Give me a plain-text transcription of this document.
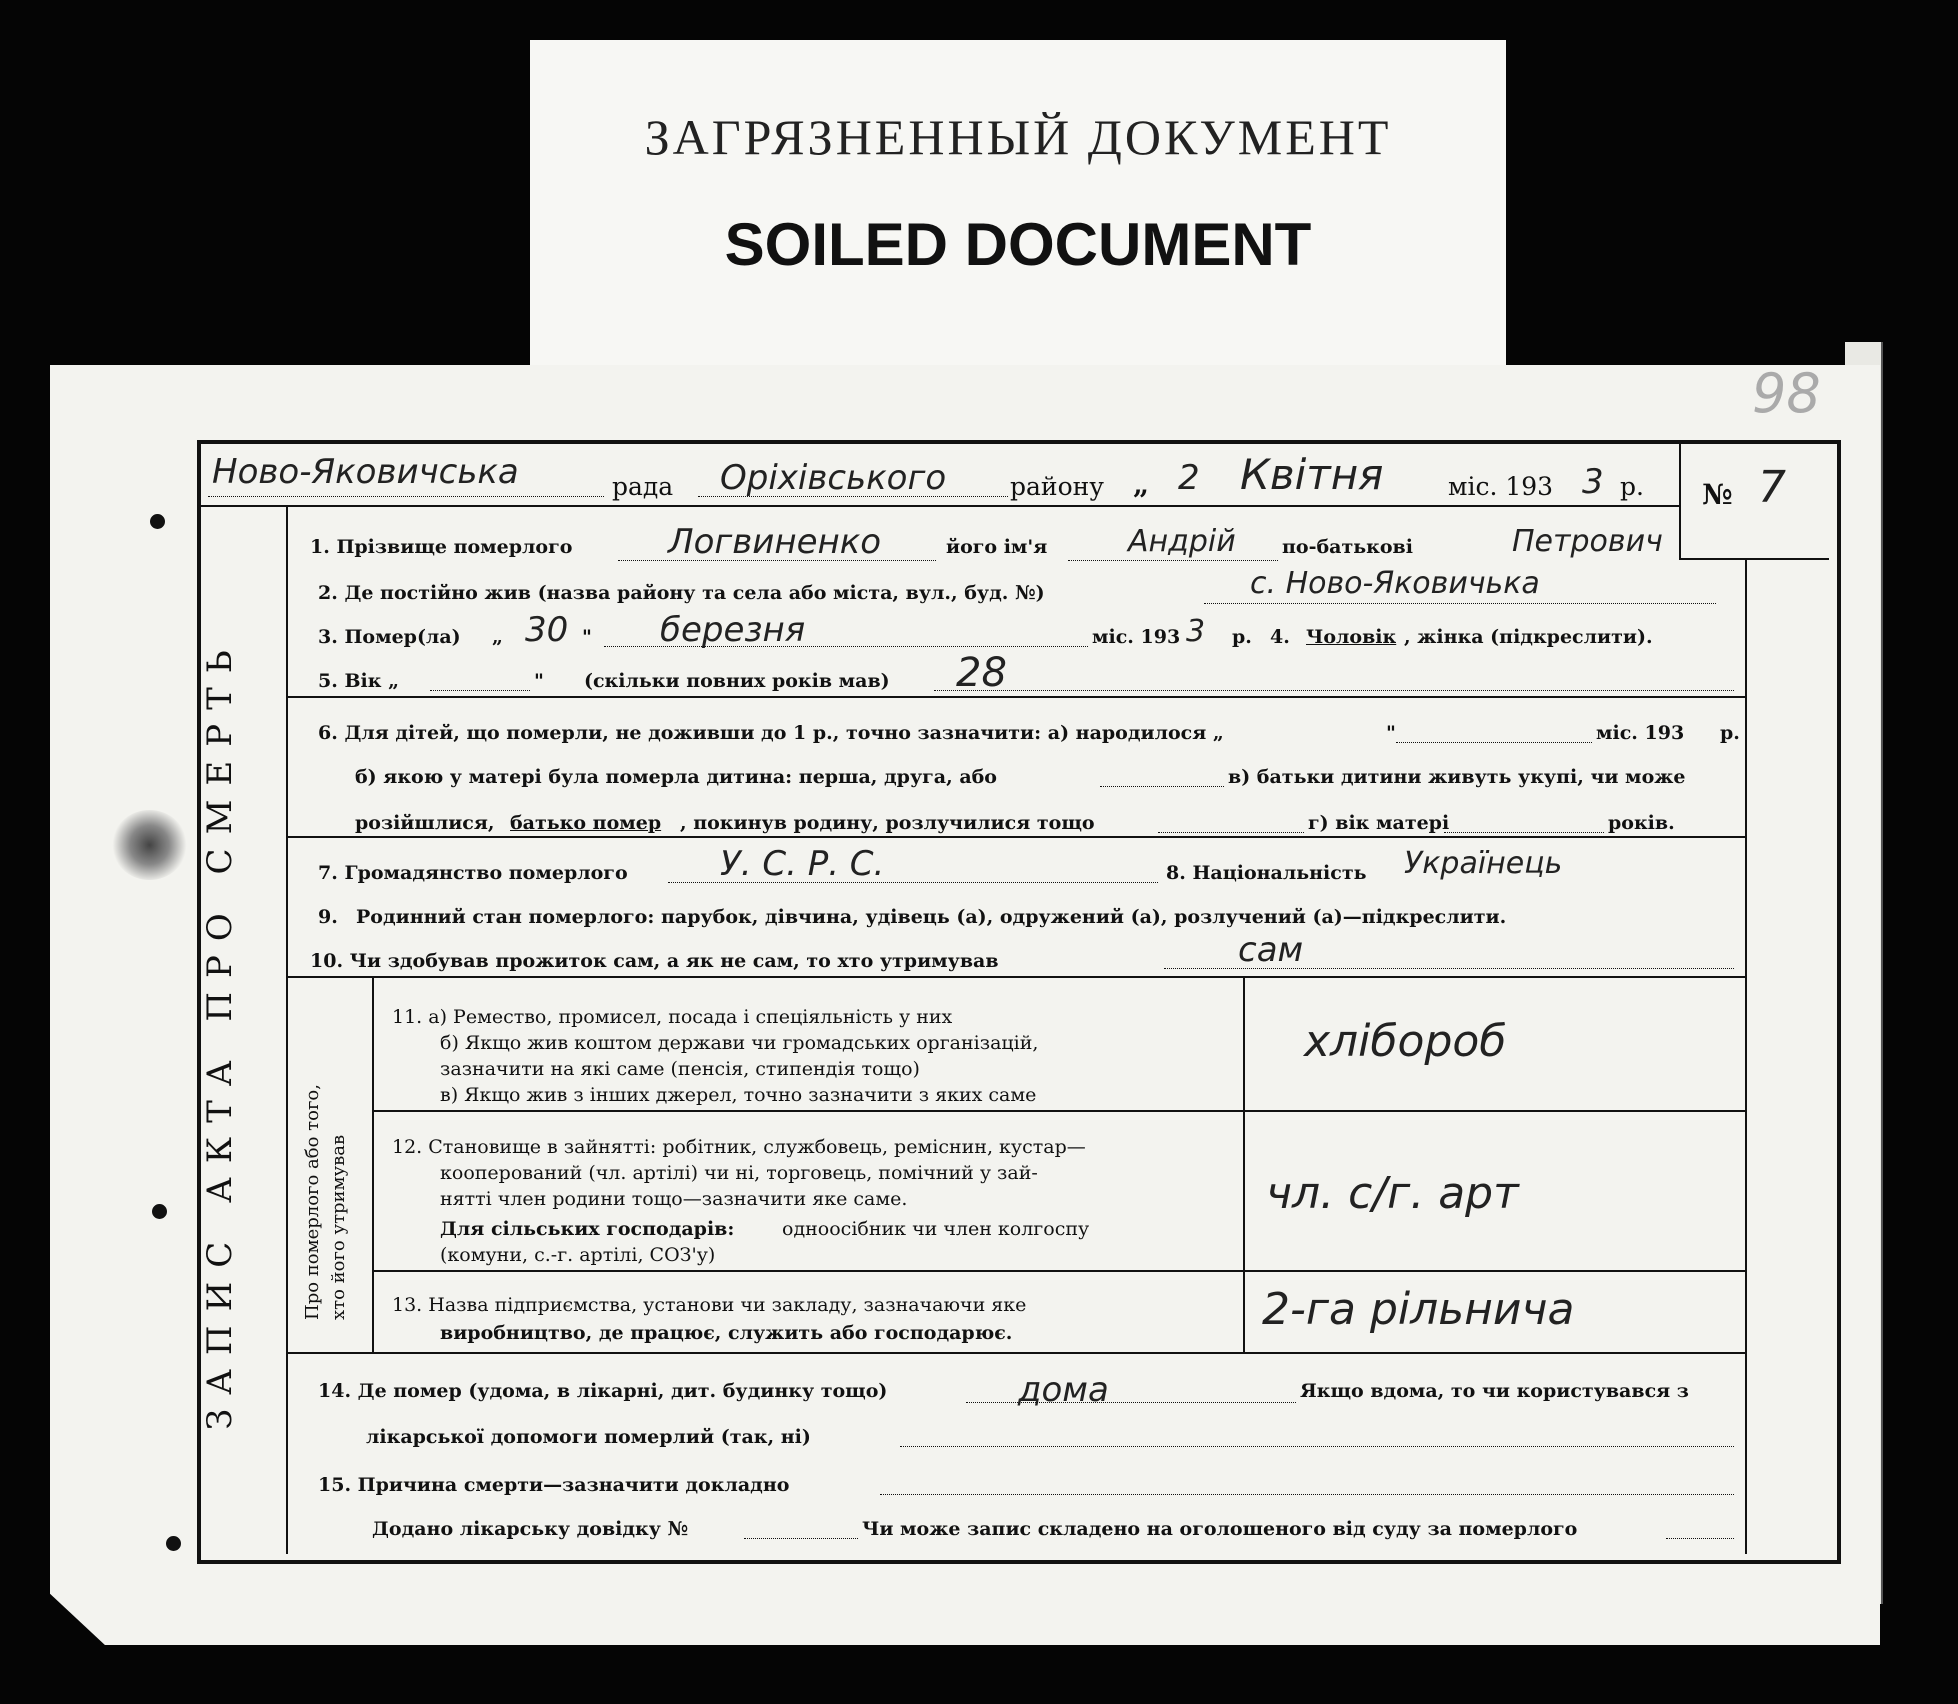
ЗАГРЯЗНЕННЫЙ ДОКУМЕНТ
SOILED DOCUMENT
98
Ново-Яковичська	рада Оріхівського	району „ 2 Квітня	міс. 193 3 р. № 7
ЗАПИС АКТА ПРО СМЕРТЬ	Про померлого або того, хто його утримував
1. Прізвище померлого	Логвиненко	його ім'я	Андрій по-батькові	Петрович
2. Де постійно жив (назва району та села або міста, вул., буд. №)	с. Ново-Яковичька
3. Помер(ла) „ 30 " березня	міс. 193 3 р. 4. Чоловік , жінка (підкреслити).
5. Вік „	" (скільки повних років мав) 28
6. Для дітей, що померли, не доживши до 1 р., точно зазначити: а) народилося „	"	міс. 193 р.
б) якою у матері була померла дитина: перша, друга, або	в) батьки дитини живуть укупі, чи може
розійшлися, батько помер , покинув родину, розлучилися тощо	г) вік матері	років.
7. Громадянство померлого	У. С. Р. С.	8. Національність Українець
9. Родинний стан померлого: парубок, дівчина, удівець (а), одружений (а), розлучений (а)—підкреслити.
10. Чи здобував прожиток сам, а як не сам, то хто утримував	сам
11. а) Ремество, промисел, посада і спеціяльність у них
б) Якщо жив коштом держави чи громадських організацій,
зазначити на які саме (пенсія, стипендія тощо)
в) Якщо жив з інших джерел, точно зазначити з яких саме
хлібороб
12. Становище в зайнятті: робітник, службовець, реміснин, кустар—
кооперований (чл. артілі) чи ні, торговець, помічний у зай-
нятті член родини тощо—зазначити яке саме.
Для сільських господарів:	одноосібник чи член колгоспу
(комуни, с.-г. артілі, СОЗ'у)
чл. с/г. арт
13. Назва підприємства, установи чи закладу, зазначаючи яке
виробництво, де працює, служить або господарює.	2-га рільнича
14. Де помер (удома, в лікарні, дит. будинку тощо)	дома	Якщо вдома, то чи користувався з
лікарської допомоги померлий (так, ні)
15. Причина смерти—зазначити докладно
Додано лікарську довідку №	Чи може запис складено на оголошеного від суду за померлого
